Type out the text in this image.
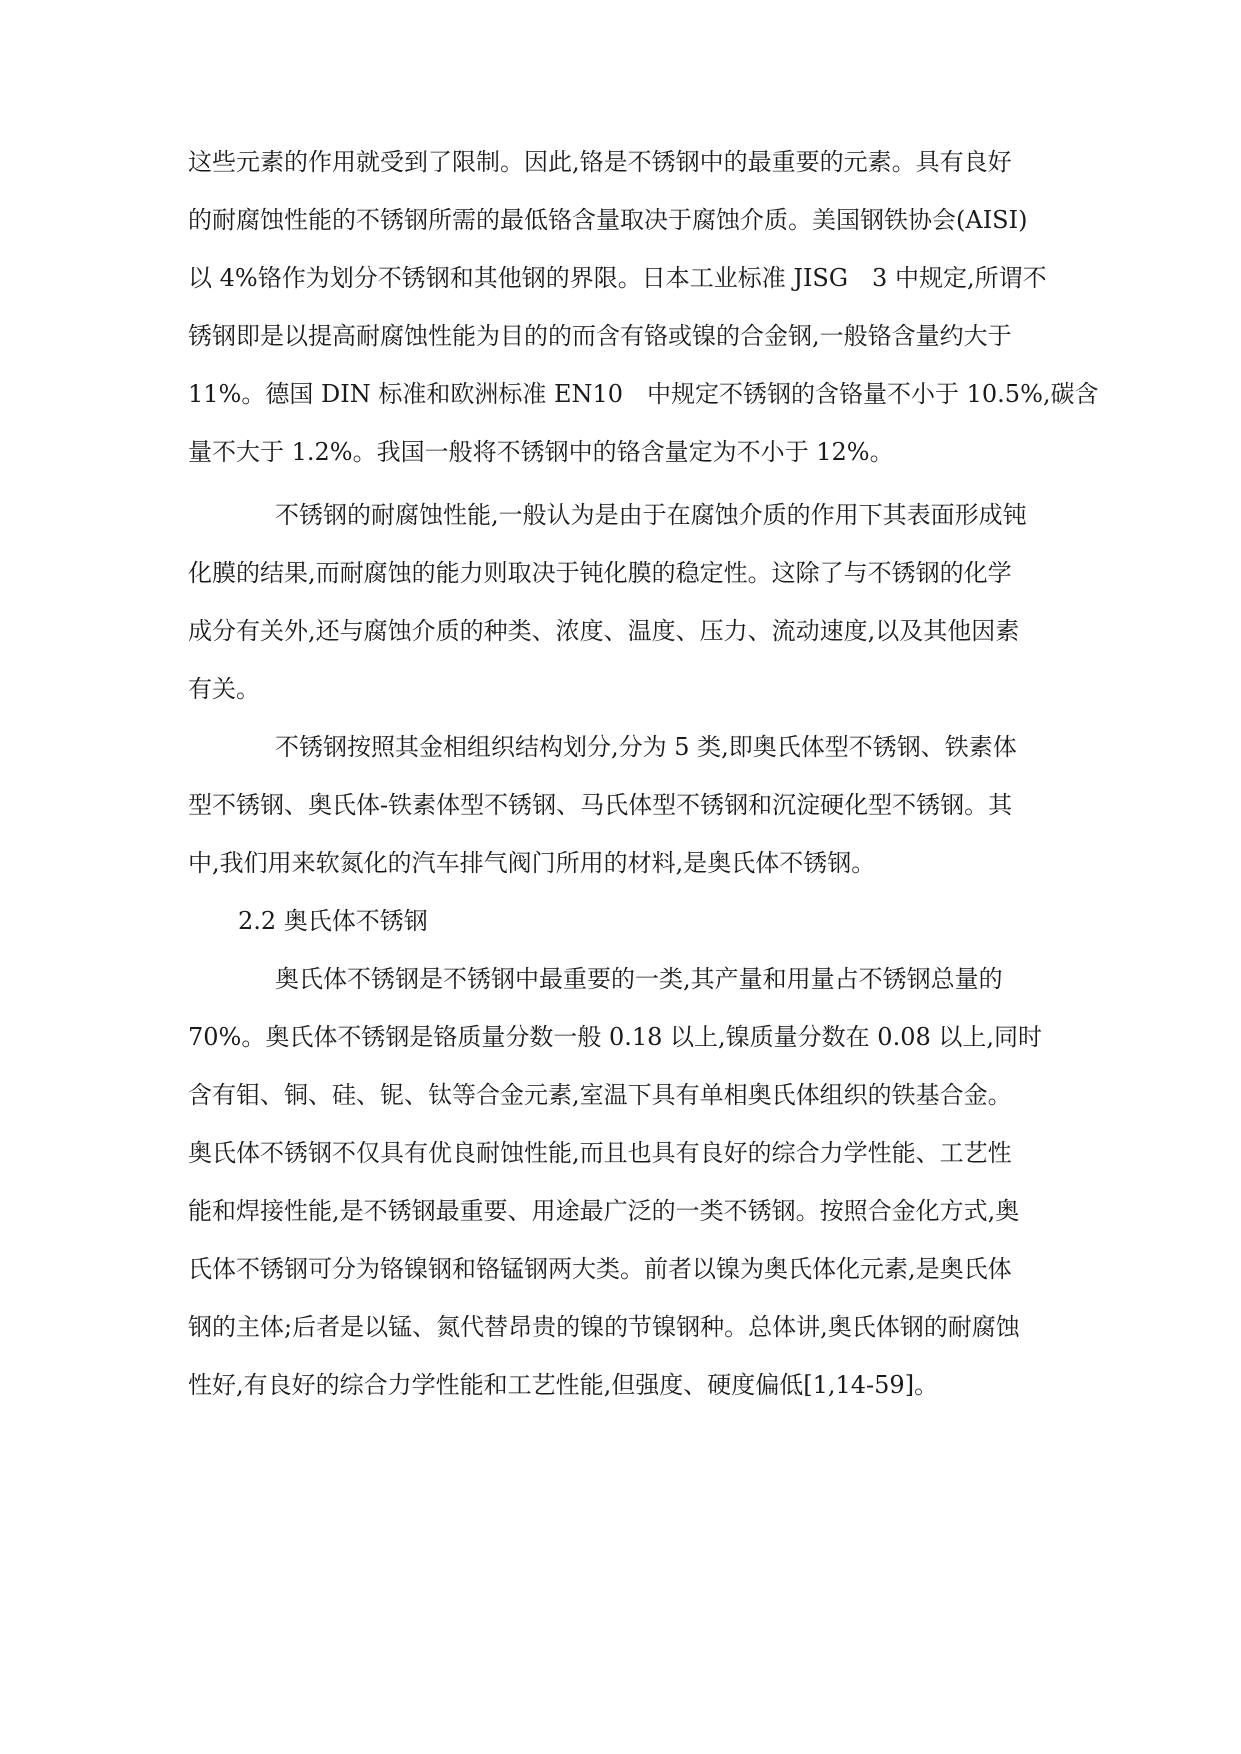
这些元素的作用就受到了限制。因此,铬是不锈钢中的最重要的元素。具有良好
的耐腐蚀性能的不锈钢所需的最低铬含量取决于腐蚀介质。美国钢铁协会(AISI)
以 4%铬作为划分不锈钢和其他钢的界限。日本工业标准 JISG　3 中规定,所谓不
锈钢即是以提高耐腐蚀性能为目的的而含有铬或镍的合金钢,一般铬含量约大于
11%。德国 DIN 标准和欧洲标准 EN10　中规定不锈钢的含铬量不小于 10.5%,碳含
量不大于 1.2%。我国一般将不锈钢中的铬含量定为不小于 12%。
不锈钢的耐腐蚀性能,一般认为是由于在腐蚀介质的作用下其表面形成钝
化膜的结果,而耐腐蚀的能力则取决于钝化膜的稳定性。这除了与不锈钢的化学
成分有关外,还与腐蚀介质的种类、浓度、温度、压力、流动速度,以及其他因素
有关。
不锈钢按照其金相组织结构划分,分为 5 类,即奥氏体型不锈钢、铁素体
型不锈钢、奥氏体-铁素体型不锈钢、马氏体型不锈钢和沉淀硬化型不锈钢。其
中,我们用来软氮化的汽车排气阀门所用的材料,是奥氏体不锈钢。
2.2 奥氏体不锈钢
奥氏体不锈钢是不锈钢中最重要的一类,其产量和用量占不锈钢总量的
70%。奥氏体不锈钢是铬质量分数一般 0.18 以上,镍质量分数在 0.08 以上,同时
含有钼、铜、硅、铌、钛等合金元素,室温下具有单相奥氏体组织的铁基合金。
奥氏体不锈钢不仅具有优良耐蚀性能,而且也具有良好的综合力学性能、工艺性
能和焊接性能,是不锈钢最重要、用途最广泛的一类不锈钢。按照合金化方式,奥
氏体不锈钢可分为铬镍钢和铬锰钢两大类。前者以镍为奥氏体化元素,是奥氏体
钢的主体;后者是以锰、氮代替昂贵的镍的节镍钢种。总体讲,奥氏体钢的耐腐蚀
性好,有良好的综合力学性能和工艺性能,但强度、硬度偏低[1,14-59]。
